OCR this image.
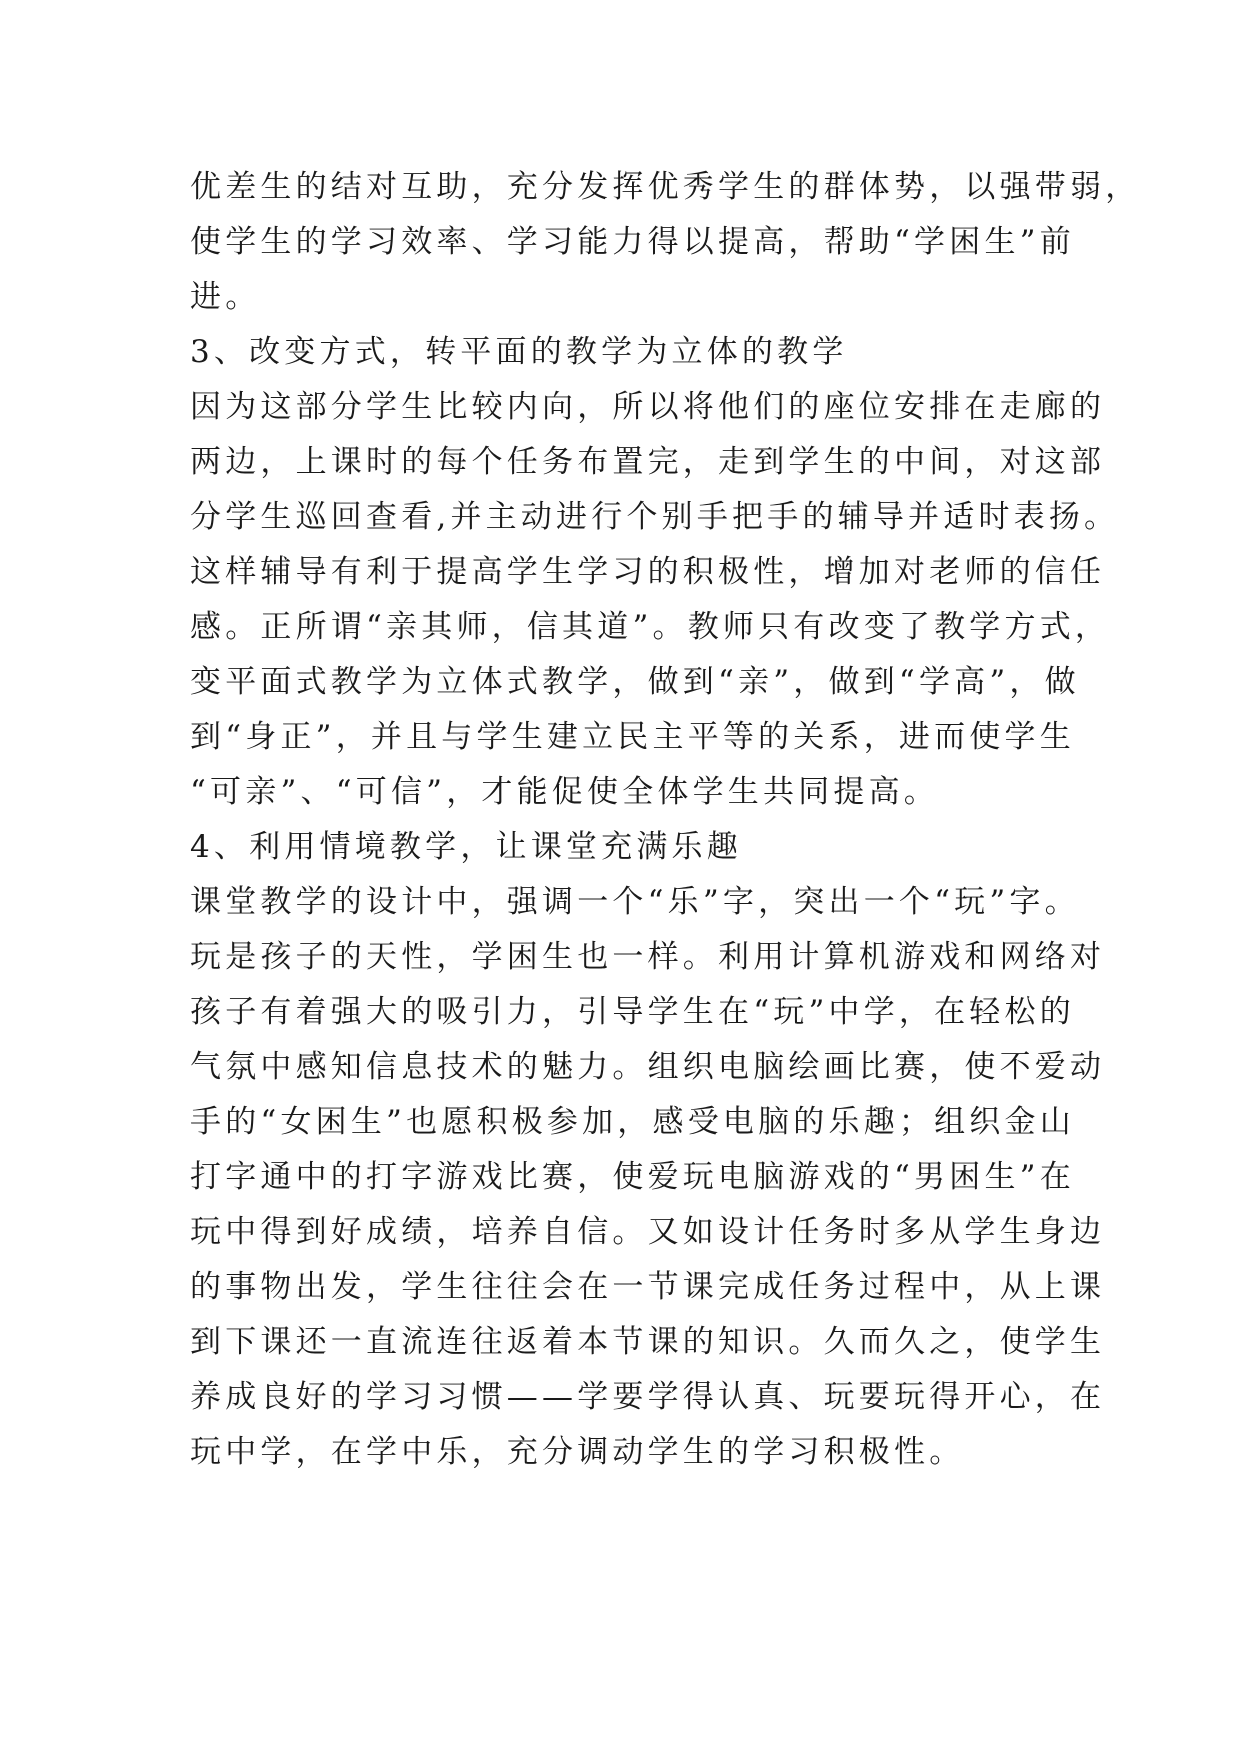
优差生的结对互助，充分发挥优秀学生的群体势，以强带弱，
使学生的学习效率、学习能力得以提高，帮助“学困生”前
进。
3、改变方式，转平面的教学为立体的教学
因为这部分学生比较内向，所以将他们的座位安排在走廊的
两边，上课时的每个任务布置完，走到学生的中间，对这部
分学生巡回查看,并主动进行个别手把手的辅导并适时表扬。
这样辅导有利于提高学生学习的积极性，增加对老师的信任
感。正所谓“亲其师，信其道”。教师只有改变了教学方式，
变平面式教学为立体式教学，做到“亲”，做到“学高”，做
到“身正”，并且与学生建立民主平等的关系，进而使学生
“可亲”、“可信”，才能促使全体学生共同提高。
4、利用情境教学，让课堂充满乐趣
课堂教学的设计中，强调一个“乐”字，突出一个“玩”字。
玩是孩子的天性，学困生也一样。利用计算机游戏和网络对
孩子有着强大的吸引力，引导学生在“玩”中学，在轻松的
气氛中感知信息技术的魅力。组织电脑绘画比赛，使不爱动
手的“女困生”也愿积极参加，感受电脑的乐趣；组织金山
打字通中的打字游戏比赛，使爱玩电脑游戏的“男困生”在
玩中得到好成绩，培养自信。又如设计任务时多从学生身边
的事物出发，学生往往会在一节课完成任务过程中，从上课
到下课还一直流连往返着本节课的知识。久而久之，使学生
养成良好的学习习惯——学要学得认真、玩要玩得开心，在
玩中学，在学中乐，充分调动学生的学习积极性。
